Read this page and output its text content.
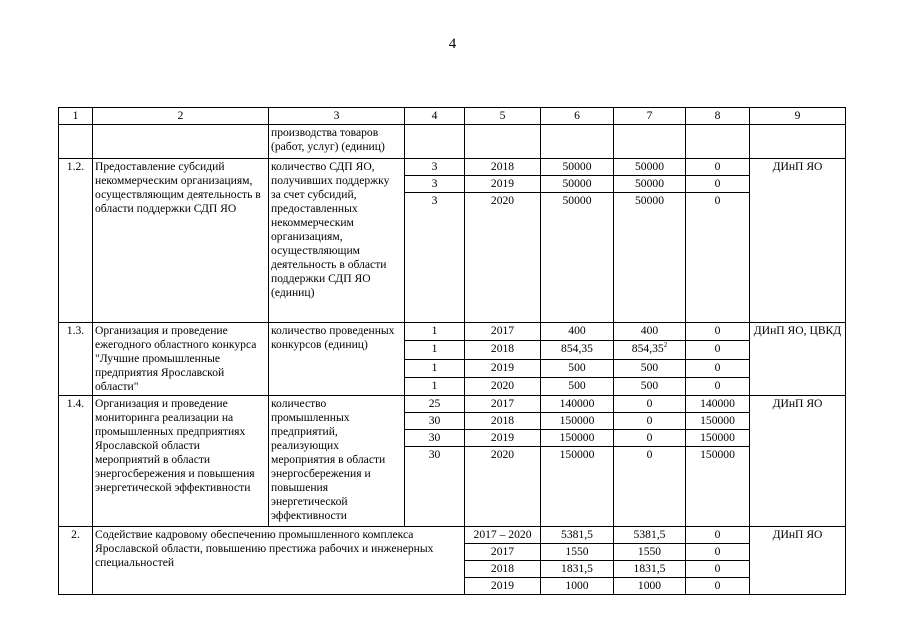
4
1	2	3	4	5	6	7	8	9
		производства товаров (работ, услуг) (единиц)						
1.2.	Предоставление субсидий некоммерческим организациям, осуществляющим деятельность в области поддержки СДП ЯО	количество СДП ЯО, получивших поддержку за счет субсидий, предоставленных некоммерческим организациям, осуществляющим деятельность в области поддержки СДП ЯО (единиц)	3	2018	50000	50000	0	ДИнП ЯО
			3	2019	50000	50000	0	
			3	2020	50000	50000	0	
1.3.	Организация и проведение ежегодного областного конкурса "Лучшие промышленные предприятия Ярославской области"	количество проведенных конкурсов (единиц)	1	2017	400	400	0	ДИнП ЯО, ЦВКД
			1	2018	854,35	854,35$^2$	0	
			1	2019	500	500	0	
			1	2020	500	500	0	
1.4.	Организация и проведение мониторинга реализации на промышленных предприятиях Ярославской области мероприятий в области энергосбережения и повышения энергетической эффективности	количество промышленных предприятий, реализующих мероприятия в области энергосбережения и повышения энергетической эффективности	25	2017	140000	0	140000	ДИнП ЯО
			30	2018	150000	0	150000	
			30	2019	150000	0	150000	
			30	2020	150000	0	150000	
2.	Содействие кадровому обеспечению промышленного комплекса Ярославской области, повышению престижа рабочих и инженерных специальностей			2017 – 2020	5381,5	5381,5	0	ДИнП ЯО
				2017	1550	1550	0	
				2018	1831,5	1831,5	0	
				2019	1000	1000	0	
